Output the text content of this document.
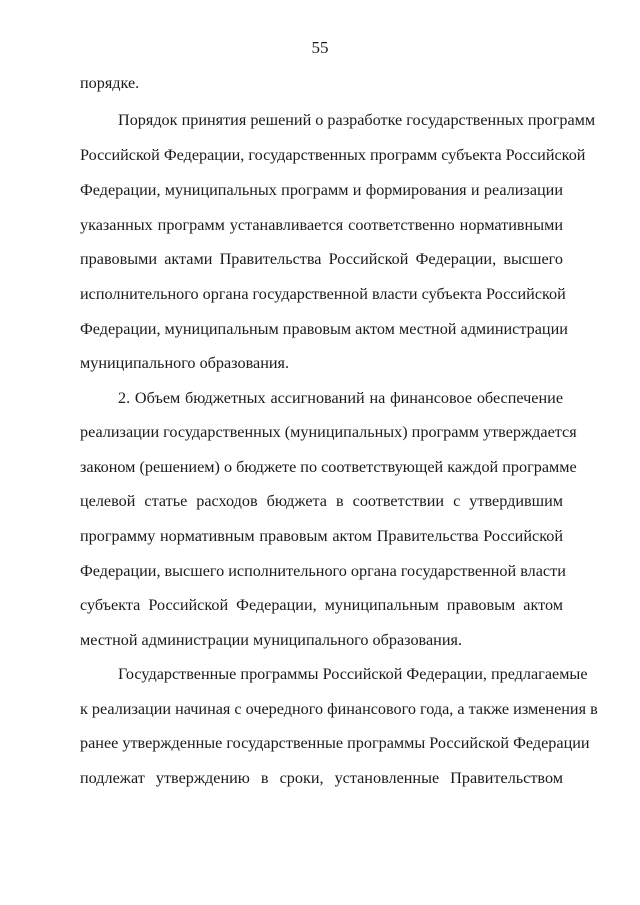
55
порядке.
Порядок принятия решений о разработке государственных программ
Российской Федерации, государственных программ субъекта Российской
Федерации, муниципальных программ и формирования и реализации
указанных программ устанавливается соответственно нормативными
правовыми актами Правительства Российской Федерации, высшего
исполнительного органа государственной власти субъекта Российской
Федерации, муниципальным правовым актом местной администрации
муниципального образования.
2. Объем бюджетных ассигнований на финансовое обеспечение
реализации государственных (муниципальных) программ утверждается
законом (решением) о бюджете по соответствующей каждой программе
целевой статье расходов бюджета в соответствии с утвердившим
программу нормативным правовым актом Правительства Российской
Федерации, высшего исполнительного органа государственной власти
субъекта Российской Федерации, муниципальным правовым актом
местной администрации муниципального образования.
Государственные программы Российской Федерации, предлагаемые
к реализации начиная с очередного финансового года, а также изменения в
ранее утвержденные государственные программы Российской Федерации
подлежат утверждению в сроки, установленные Правительством
